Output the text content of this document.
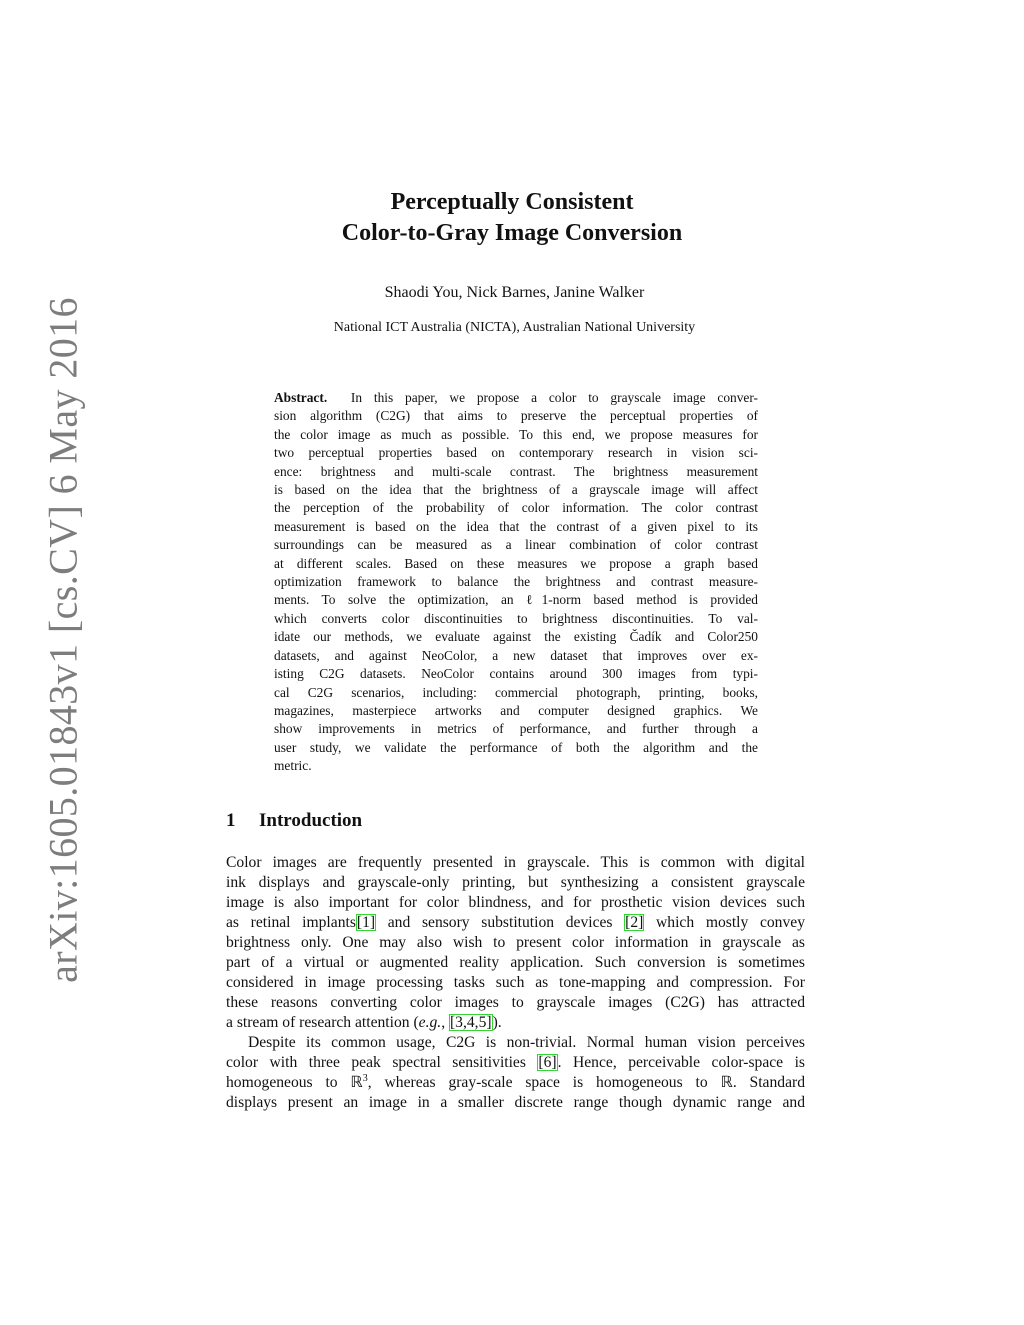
arXiv:1605.01843v1 [cs.CV] 6 May 2016
Perceptually Consistent
Color-to-Gray Image Conversion
Shaodi You, Nick Barnes, Janine Walker
National ICT Australia (NICTA), Australian National University
Abstract. In this paper, we propose a color to grayscale image conver-
sion algorithm (C2G) that aims to preserve the perceptual properties of
the color image as much as possible. To this end, we propose measures for
two perceptual properties based on contemporary research in vision sci-
ence: brightness and multi-scale contrast. The brightness measurement
is based on the idea that the brightness of a grayscale image will affect
the perception of the probability of color information. The color contrast
measurement is based on the idea that the contrast of a given pixel to its
surroundings can be measured as a linear combination of color contrast
at different scales. Based on these measures we propose a graph based
optimization framework to balance the brightness and contrast measure-
ments. To solve the optimization, an ℓ1-norm based method is provided
which converts color discontinuities to brightness discontinuities. To val-
idate our methods, we evaluate against the existing Čadík and Color250
datasets, and against NeoColor, a new dataset that improves over ex-
isting C2G datasets. NeoColor contains around 300 images from typi-
cal C2G scenarios, including: commercial photograph, printing, books,
magazines, masterpiece artworks and computer designed graphics. We
show improvements in metrics of performance, and further through a
user study, we validate the performance of both the algorithm and the
metric.
1 Introduction
Color images are frequently presented in grayscale. This is common with digital
ink displays and grayscale-only printing, but synthesizing a consistent grayscale
image is also important for color blindness, and for prosthetic vision devices such
as retinal implants[1] and sensory substitution devices [2] which mostly convey
brightness only. One may also wish to present color information in grayscale as
part of a virtual or augmented reality application. Such conversion is sometimes
considered in image processing tasks such as tone-mapping and compression. For
these reasons converting color images to grayscale images (C2G) has attracted
a stream of research attention (e.g., [3,4,5]).
Despite its common usage, C2G is non-trivial. Normal human vision perceives
color with three peak spectral sensitivities [6]. Hence, perceivable color-space is
homogeneous to ℝ$^3$, whereas gray-scale space is homogeneous to ℝ. Standard
displays present an image in a smaller discrete range though dynamic range and
